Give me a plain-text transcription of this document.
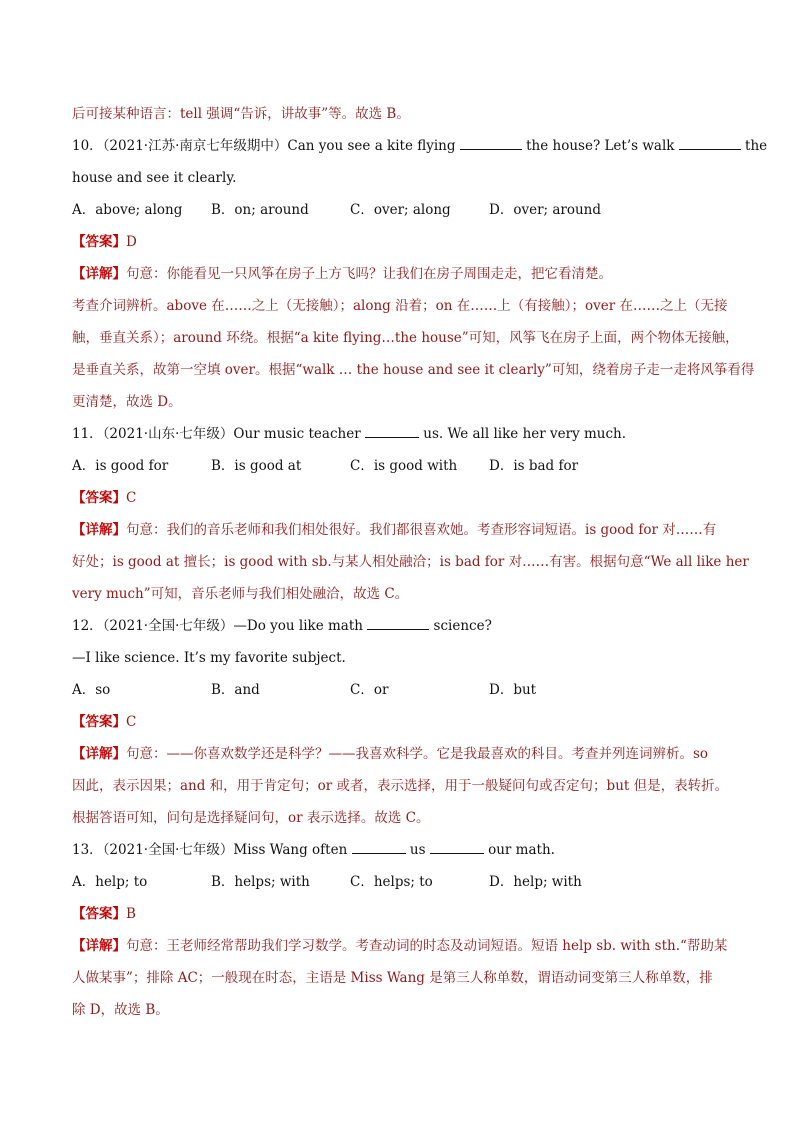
后可接某种语言：tell 强调“告诉，讲故事”等。故选 B。
10．（2021·江苏·南京七年级期中）Can you see a kite flying	the house? Let’s walk	the
house and see it clearly.
A．above; along	B．on; around	C．over; along	D．over; around
【答案】D
【详解】句意：你能看见一只风筝在房子上方飞吗？让我们在房子周围走走，把它看清楚。
考查介词辨析。above 在……之上（无接触）；along 沿着；on 在……上（有接触）；over 在……之上（无接
触，垂直关系）；around 环绕。根据“a kite flying…the house”可知，风筝飞在房子上面，两个物体无接触，
是垂直关系，故第一空填 over。根据“walk … the house and see it clearly”可知，绕着房子走一走将风筝看得
更清楚，故选 D。
11．（2021·山东·七年级）Our music teacher	us. We all like her very much.
A．is good for	B．is good at	C．is good with	D．is bad for
【答案】C
【详解】句意：我们的音乐老师和我们相处很好。我们都很喜欢她。考查形容词短语。is good for 对……有
好处；is good at 擅长；is good with sb.与某人相处融洽；is bad for 对……有害。根据句意“We all like her
very much”可知，音乐老师与我们相处融洽，故选 C。
12．（2021·全国·七年级）—Do you like math	science?
—I like science. It’s my favorite subject.
A．so	B．and	C．or	D．but
【答案】C
【详解】句意：——你喜欢数学还是科学？——我喜欢科学。它是我最喜欢的科目。考查并列连词辨析。so
因此，表示因果；and 和，用于肯定句；or 或者，表示选择，用于一般疑问句或否定句；but 但是，表转折。
根据答语可知，问句是选择疑问句，or 表示选择。故选 C。
13．（2021·全国·七年级）Miss Wang often	us	our math.
A．help; to	B．helps; with	C．helps; to	D．help; with
【答案】B
【详解】句意：王老师经常帮助我们学习数学。考查动词的时态及动词短语。短语 help sb. with sth.“帮助某
人做某事”；排除 AC；一般现在时态，主语是 Miss Wang 是第三人称单数，谓语动词变第三人称单数，排
除 D，故选 B。
